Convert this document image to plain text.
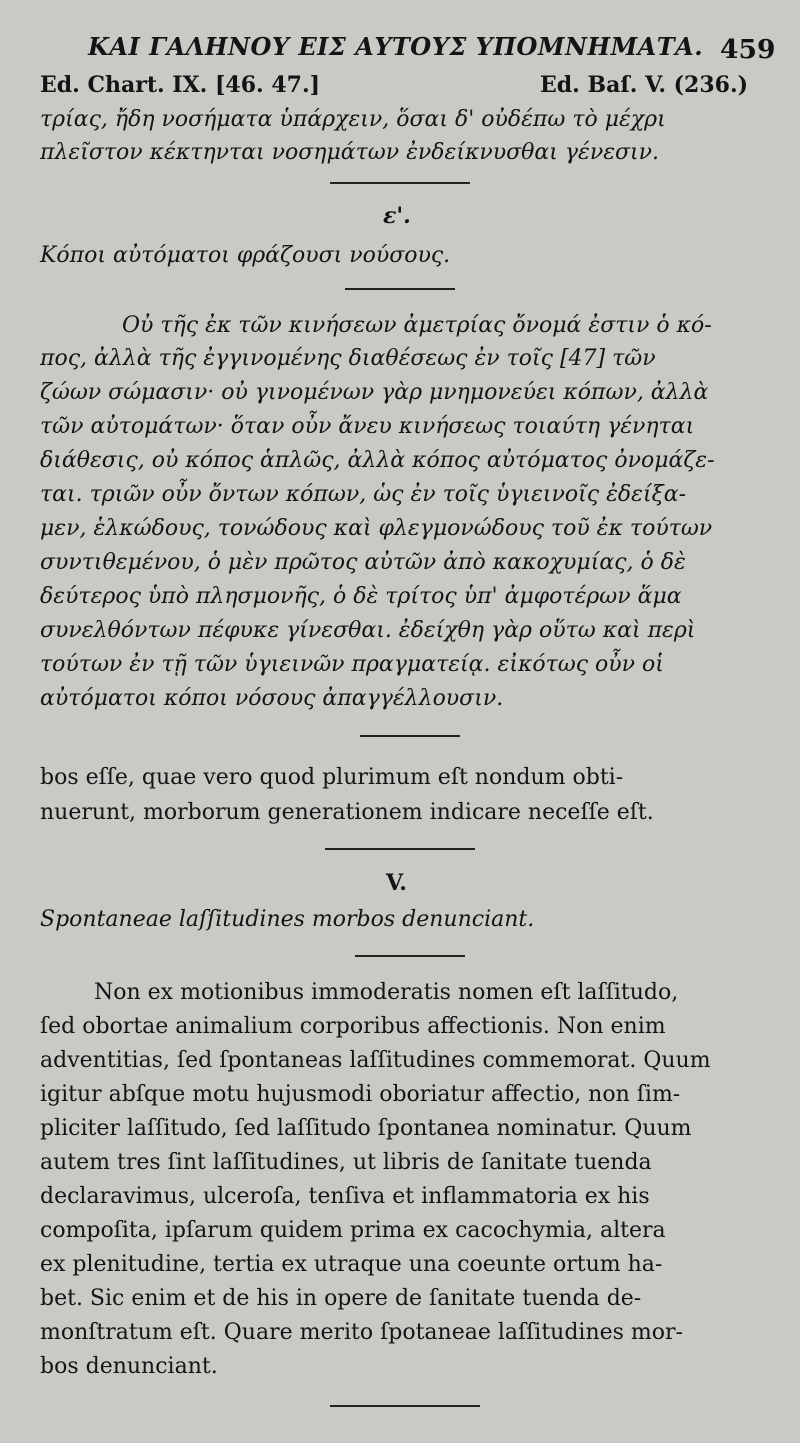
ΚΑΙ ΓΑΛΗΝΟΥ ΕΙΣ ΑΥΤΟΥΣ ΥΠΟΜΝΗΜΑΤΑ. 459
Ed. Chart. IX. [46. 47.]	Ed. Baſ. V. (236.)
τρίας, ἤδη νοσήματα ὑπάρχειν, ὅσαι δ' οὐδέπω τὸ μέχρι
πλεῖστον κέκτηνται νοσημάτων ἐνδείκνυσθαι γένεσιν.
ε'.
Κόποι αὐτόματοι φράζουσι νούσους.
Οὐ τῆς ἐκ τῶν κινήσεων ἀμετρίας ὄνομά ἐστιν ὁ κό-
πος, ἀλλὰ τῆς ἐγγινομένης διαθέσεως ἐν τοῖς [47] τῶν
ζώων σώμασιν· οὐ γινομένων γὰρ μνημονεύει κόπων, ἀλλὰ
τῶν αὐτομάτων· ὅταν οὖν ἄνευ κινήσεως τοιαύτη γένηται
διάθεσις, οὐ κόπος ἁπλῶς, ἀλλὰ κόπος αὐτόματος ὀνομάζε-
ται. τριῶν οὖν ὄντων κόπων, ὡς ἐν τοῖς ὑγιεινοῖς ἐδείξα-
μεν, ἑλκώδους, τονώδους καὶ φλεγμονώδους τοῦ ἐκ τούτων
συντιθεμένου, ὁ μὲν πρῶτος αὐτῶν ἀπὸ κακοχυμίας, ὁ δὲ
δεύτερος ὑπὸ πλησμονῆς, ὁ δὲ τρίτος ὑπ' ἀμφοτέρων ἅμα
συνελθόντων πέφυκε γίνεσθαι. ἐδείχθη γὰρ οὕτω καὶ περὶ
τούτων ἐν τῇ τῶν ὑγιεινῶν πραγματείᾳ. εἰκότως οὖν οἱ
αὐτόματοι κόποι νόσους ἀπαγγέλλουσιν.
bos eſſe, quae vero quod plurimum eſt nondum obti-
nuerunt, morborum generationem indicare neceſſe eſt.
V.
Spontaneae laſſitudines morbos denunciant.
Non ex motionibus immoderatis nomen eſt laſſitudo,
ſed obortae animalium corporibus affectionis. Non enim
adventitias, ſed ſpontaneas laſſitudines commemorat. Quum
igitur abſque motu hujusmodi oboriatur affectio, non ſim-
pliciter laſſitudo, ſed laſſitudo ſpontanea nominatur. Quum
autem tres ſint laſſitudines, ut libris de ſanitate tuenda
declaravimus, ulceroſa, tenſiva et inflammatoria ex his
compoſita, ipſarum quidem prima ex cacochymia, altera
ex plenitudine, tertia ex utraque una coeunte ortum ha-
bet. Sic enim et de his in opere de ſanitate tuenda de-
monſtratum eſt. Quare merito ſpotaneae laſſitudines mor-
bos denunciant.
